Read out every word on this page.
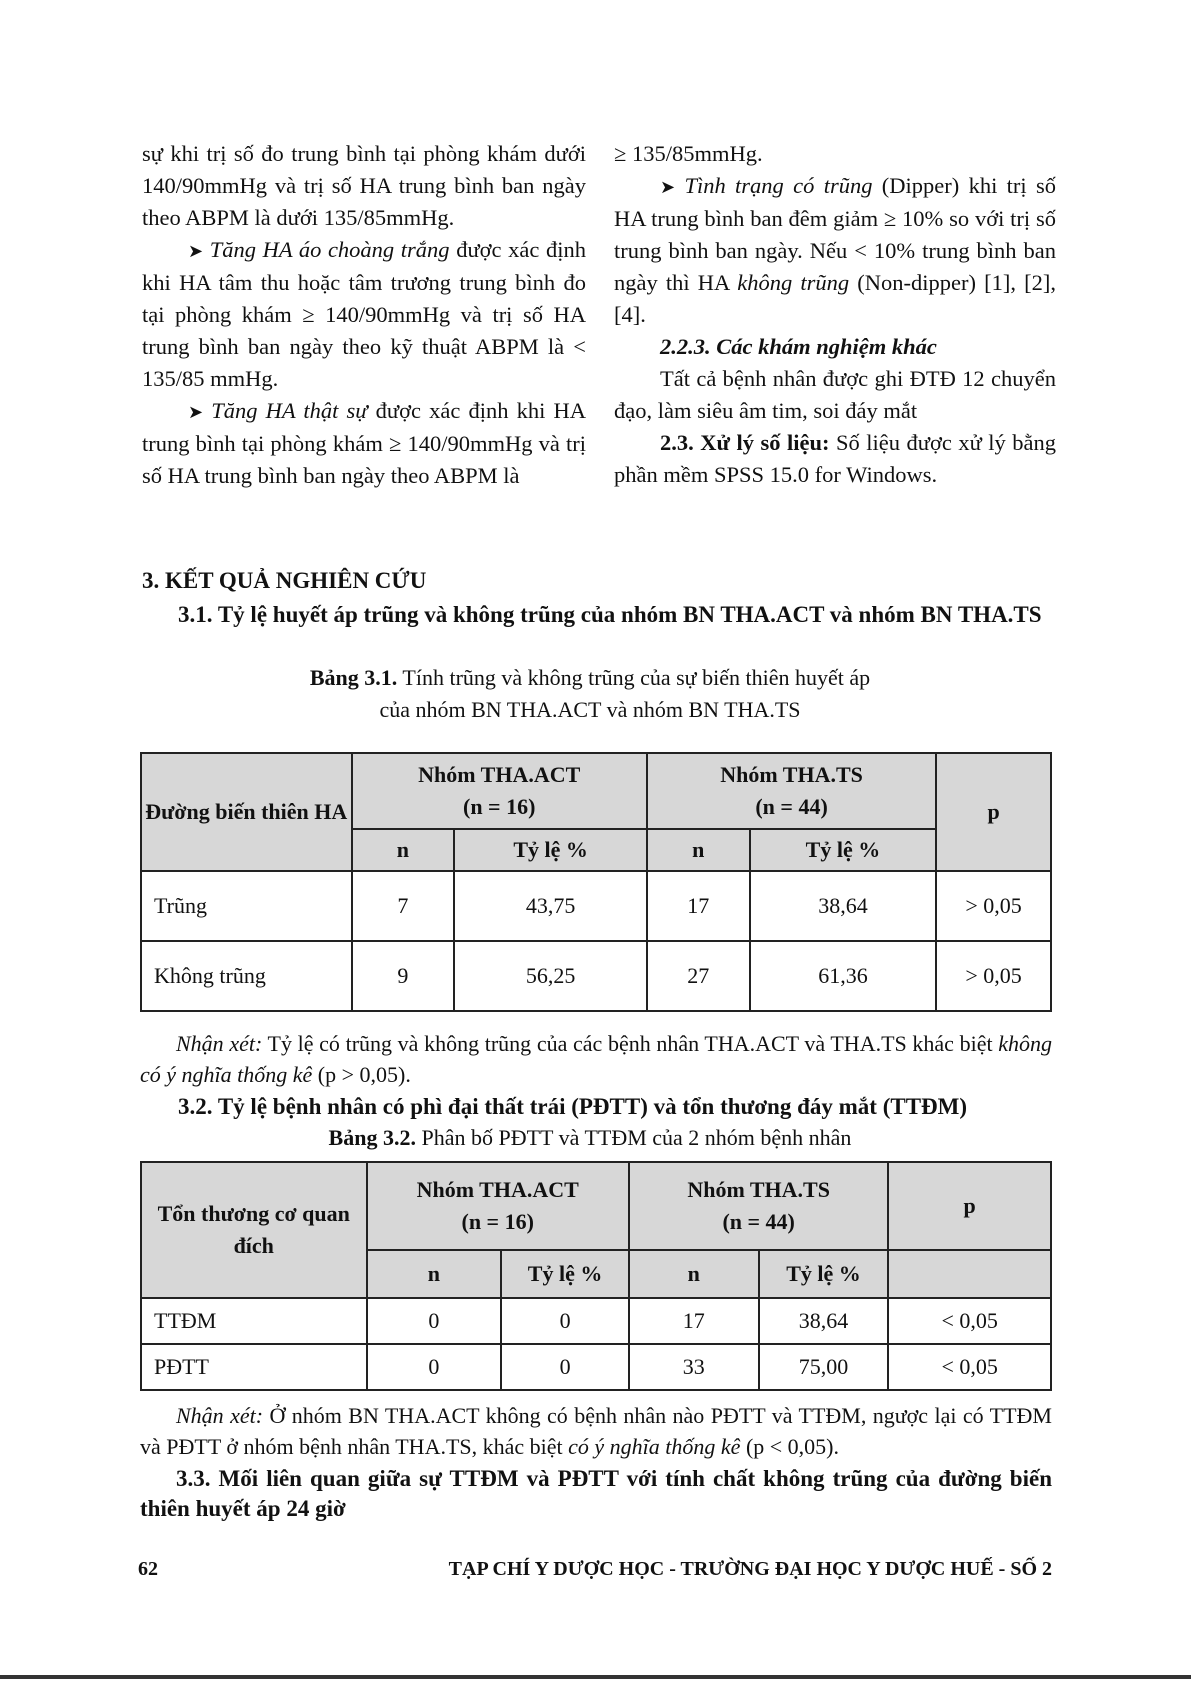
sự khi trị số đo trung bình tại phòng khám dưới 140/90mmHg và trị số HA trung bình ban ngày theo ABPM là dưới 135/85mmHg.

➤ Tăng HA áo choàng trắng được xác định khi HA tâm thu hoặc tâm trương trung bình đo tại phòng khám ≥ 140/90mmHg và trị số HA trung bình ban ngày theo kỹ thuật ABPM là < 135/85 mmHg.

➤ Tăng HA thật sự được xác định khi HA trung bình tại phòng khám ≥ 140/90mmHg và trị số HA trung bình ban ngày theo ABPM là

≥ 135/85mmHg.

➤ Tình trạng có trũng (Dipper) khi trị số HA trung bình ban đêm giảm ≥ 10% so với trị số trung bình ban ngày. Nếu < 10% trung bình ban ngày thì HA không trũng (Non-dipper) [1], [2], [4].

2.2.3. Các khám nghiệm khác

Tất cả bệnh nhân được ghi ĐTĐ 12 chuyển đạo, làm siêu âm tim, soi đáy mắt

2.3. Xử lý số liệu: Số liệu được xử lý bằng phần mềm SPSS 15.0 for Windows.

3. KẾT QUẢ NGHIÊN CỨU
3.1. Tỷ lệ huyết áp trũng và không trũng của nhóm BN THA.ACT và nhóm BN THA.TS
Bảng 3.1. Tính trũng và không trũng của sự biến thiên huyết áp
của nhóm BN THA.ACT và nhóm BN THA.TS
Đường biến thiên HA	Nhóm THA.ACT
(n = 16)		Nhóm THA.TS
(n = 44)		p
	n	Tỷ lệ %	n	Tỷ lệ %	
Trũng	7	43,75	17	38,64	> 0,05
Không trũng	9	56,25	27	61,36	> 0,05

Nhận xét: Tỷ lệ có trũng và không trũng của các bệnh nhân THA.ACT và THA.TS khác biệt không có ý nghĩa thống kê (p > 0,05).

3.2. Tỷ lệ bệnh nhân có phì đại thất trái (PĐTT) và tổn thương đáy mắt (TTĐM)
Bảng 3.2. Phân bố PĐTT và TTĐM của 2 nhóm bệnh nhân
Tổn thương cơ quan đích	Nhóm THA.ACT
(n = 16)		Nhóm THA.TS
(n = 44)		p
	n	Tỷ lệ %	n	Tỷ lệ %	
TTĐM	0	0	17	38,64	< 0,05
PĐTT	0	0	33	75,00	< 0,05

Nhận xét: Ở nhóm BN THA.ACT không có bệnh nhân nào PĐTT và TTĐM, ngược lại có TTĐM và PĐTT ở nhóm bệnh nhân THA.TS, khác biệt có ý nghĩa thống kê (p < 0,05).

3.3. Mối liên quan giữa sự TTĐM và PĐTT với tính chất không trũng của đường biến thiên huyết áp 24 giờ
62	TẠP CHÍ Y DƯỢC HỌC - TRƯỜNG ĐẠI HỌC Y DƯỢC HUẾ - SỐ 2
